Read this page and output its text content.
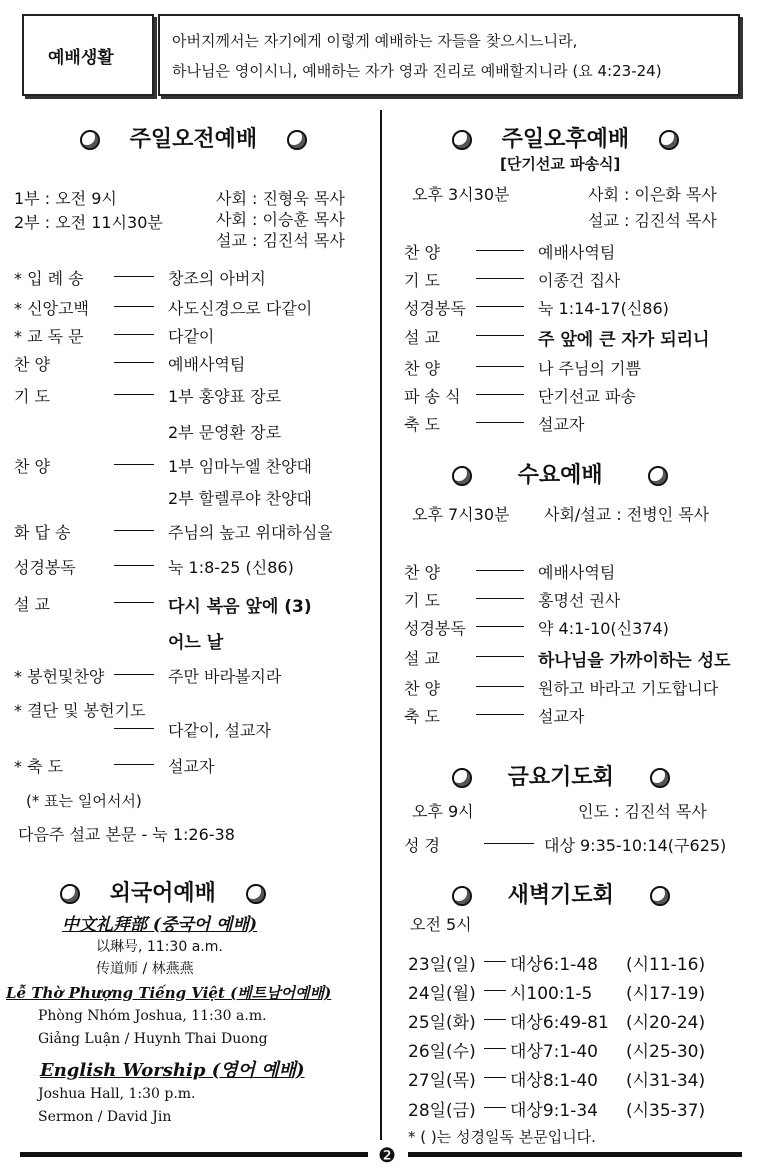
예배생활
아버지께서는 자기에게 이렇게 예배하는 자들을 찾으시느니라,
하나님은 영이시니, 예배하는 자가 영과 진리로 예배할지니라 (요 4:23-24)
주일오전예배
1부 : 오전 9시
2부 : 오전 11시30분
사회 : 진형욱 목사
사회 : 이승훈 목사
설교 : 김진석 목사
* 입 례 송	창조의 아버지
* 신앙고백	사도신경으로 다같이
* 교 독 문	다같이
찬 양	예배사역팀
기 도	1부 홍양표 장로
2부 문영환 장로
찬 양	1부 임마누엘 찬양대
2부 할렐루야 찬양대
화 답 송	주님의 높고 위대하심을
성경봉독	눅 1:8-25 (신86)
설 교	다시 복음 앞에 (3)
어느 날
* 봉헌및찬양	주만 바라볼지라
* 결단 및 봉헌기도
다같이, 설교자
* 축 도	설교자
(* 표는 일어서서)
다음주 설교 본문 - 눅 1:26-38
외국어예배
中文礼拜部 (중국어 예배)
以琳号, 11:30 a.m.
传道师 / 林燕燕
Lễ Thờ Phượng Tiếng Việt (베트남어예배)
Phòng Nhóm Joshua, 11:30 a.m.
Giảng Luận / Huynh Thai Duong
English Worship (영어 예배)
Joshua Hall, 1:30 p.m.
Sermon / David Jin
주일오후예배
[단기선교 파송식]
오후 3시30분	사회 : 이은화 목사
설교 : 김진석 목사
찬 양	예배사역팀
기 도	이종건 집사
성경봉독	눅 1:14-17(신86)
설 교	주 앞에 큰 자가 되리니
찬 양	나 주님의 기쁨
파 송 식	단기선교 파송
축 도	설교자
수요예배
오후 7시30분 사회/설교 : 전병인 목사
찬 양	예배사역팀
기 도	홍명선 권사
성경봉독	약 4:1-10(신374)
설 교	하나님을 가까이하는 성도
찬 양	원하고 바라고 기도합니다
축 도	설교자
금요기도회
오후 9시	인도 : 김진석 목사
성 경	대상 9:35-10:14(구625)
새벽기도회
오전 5시
23일(일) 대상6:1-48 (시11-16)
24일(월) 시100:1-5 (시17-19)
25일(화) 대상6:49-81 (시20-24)
26일(수) 대상7:1-40 (시25-30)
27일(목) 대상8:1-40 (시31-34)
28일(금) 대상9:1-34 (시35-37)
* ( )는 성경일독 본문입니다.
❷
